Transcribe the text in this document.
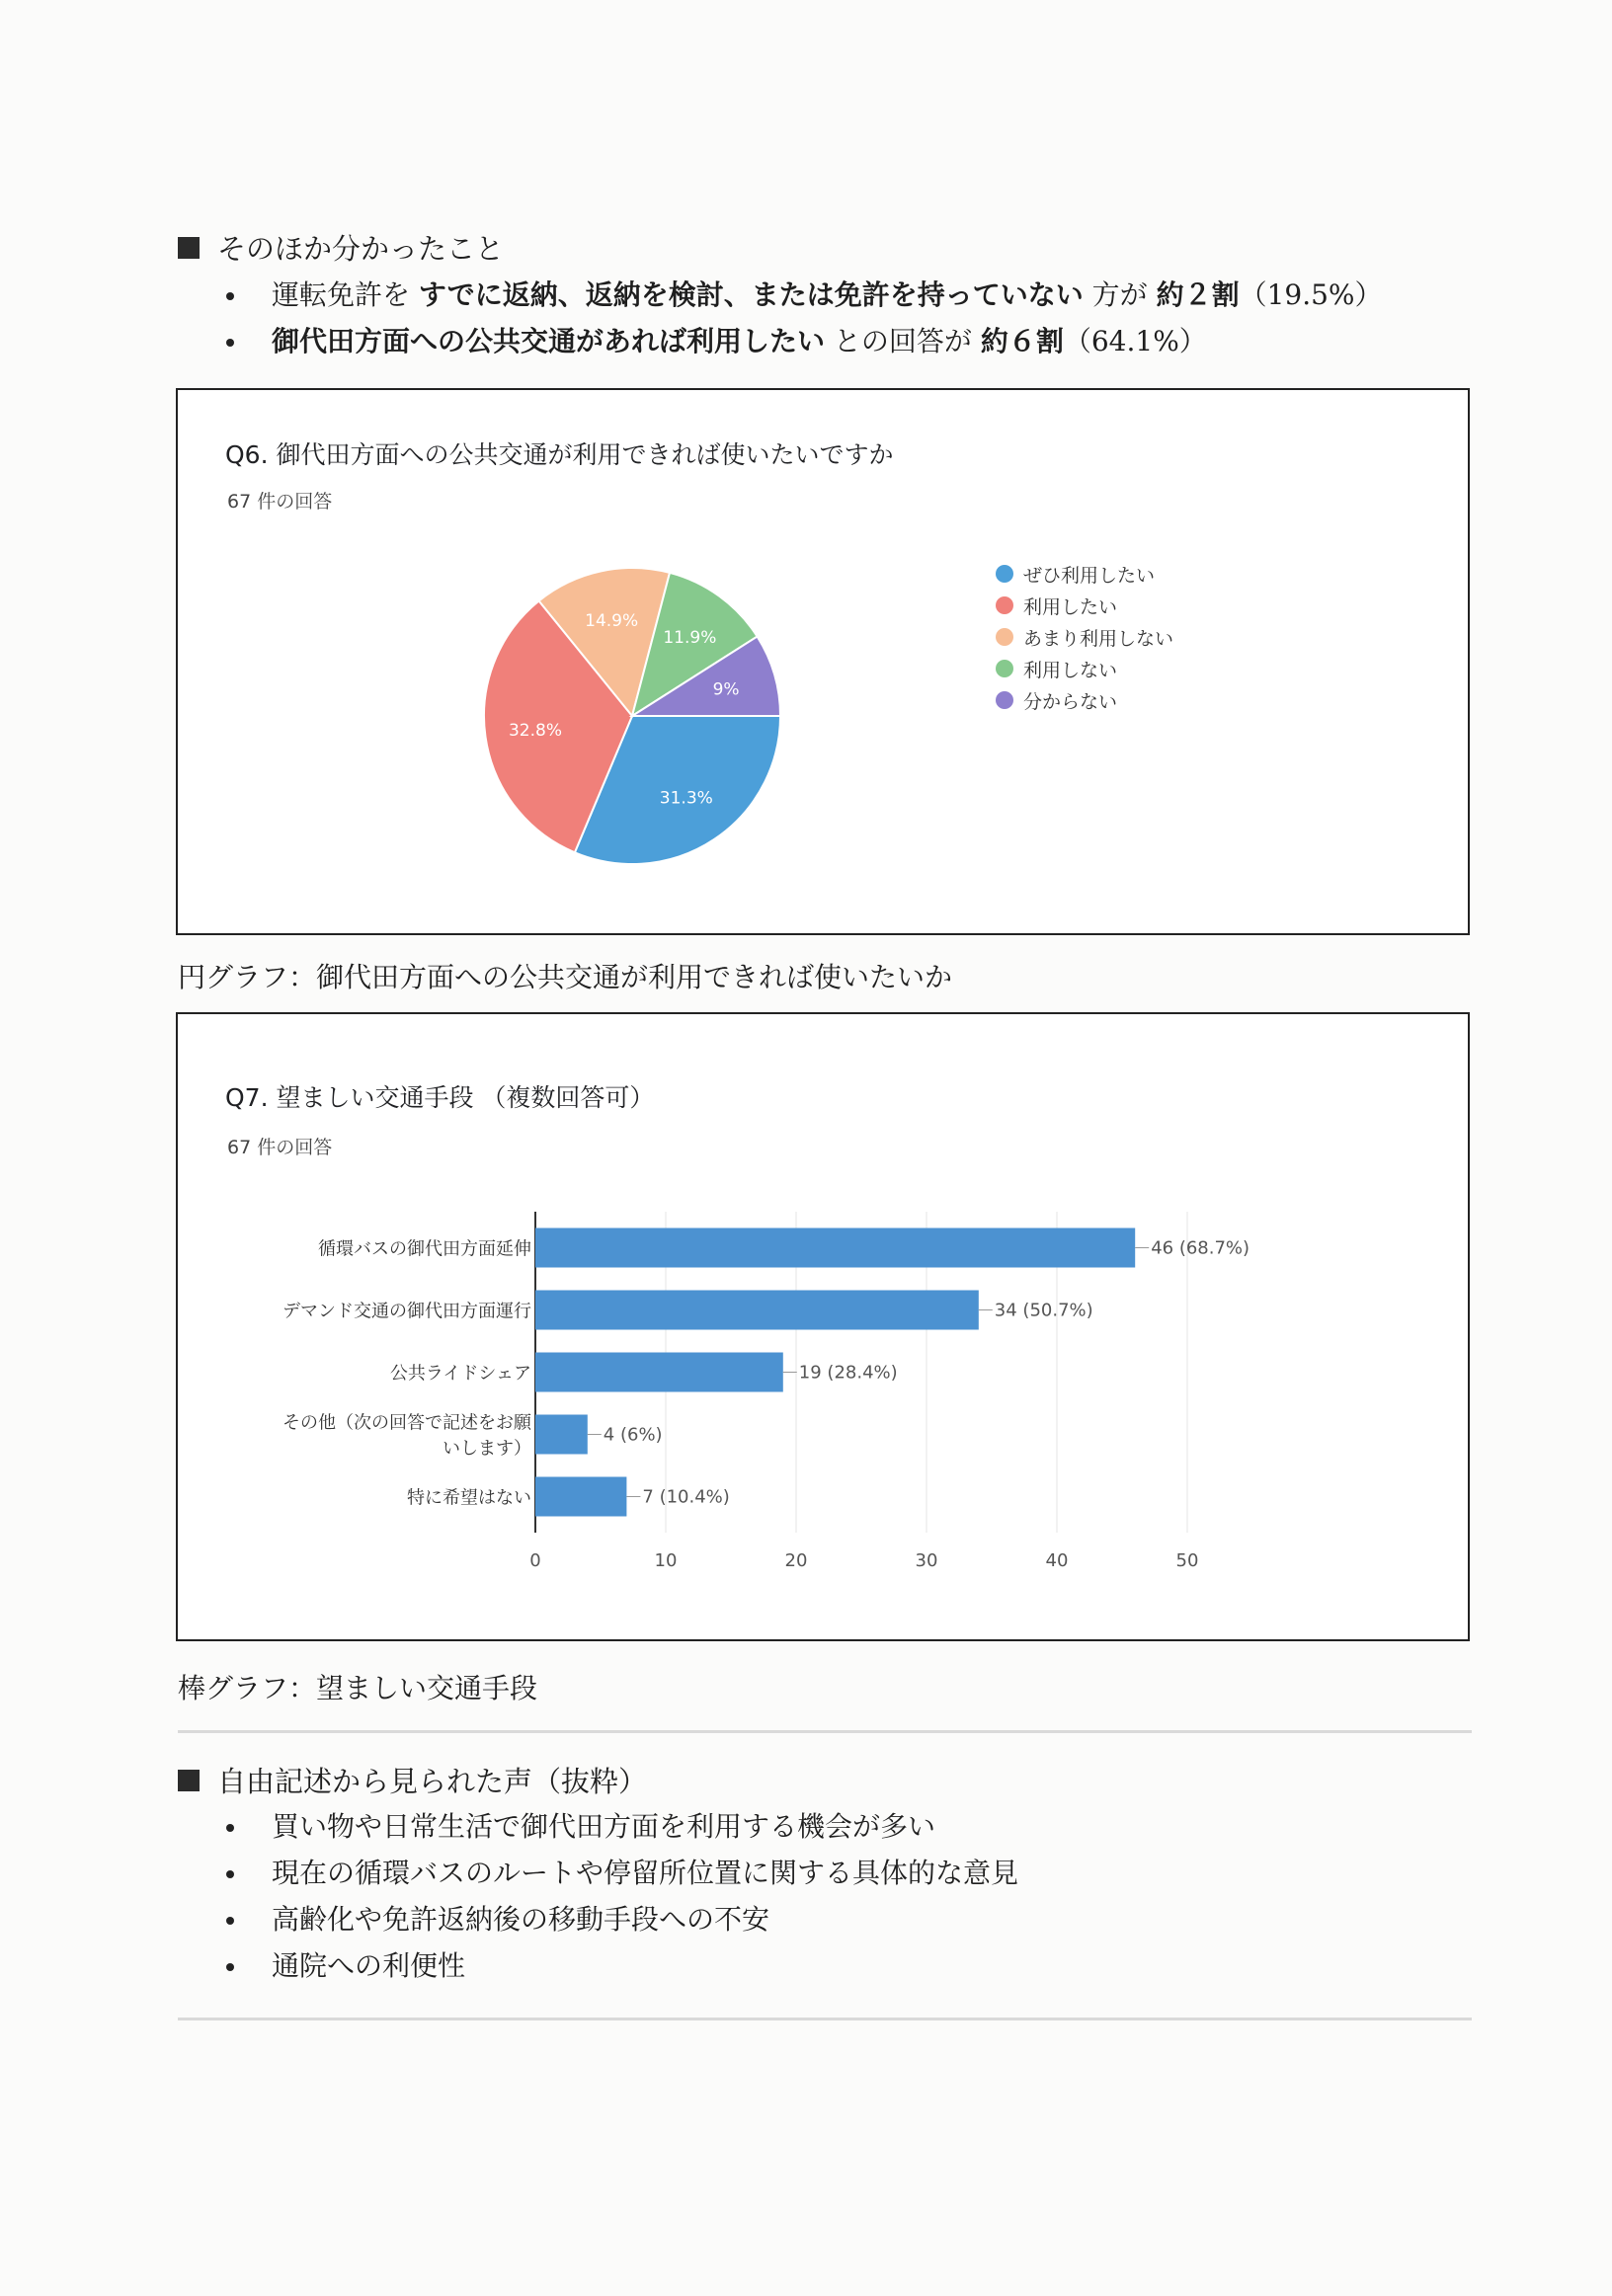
そのほか分かったこと
運転免許を すでに返納、返納を検討、または免許を持っていない 方が 約２割（19.5%）
御代田方面への公共交通があれば利用したい との回答が 約６割（64.1%）
Q6. 御代田方面への公共交通が利用できれば使いたいですか
67 件の回答
31.3%
32.8%
14.9%
11.9%
9%
ぜひ利用したい
利用したい
あまり利用しない
利用しない
分からない
円グラフ：御代田方面への公共交通が利用できれば使いたいか
Q7. 望ましい交通手段 （複数回答可）
67 件の回答
0	10	20	30	40	50
46 (68.7%)
循環バスの御代田方面延伸
34 (50.7%)
デマンド交通の御代田方面運行
19 (28.4%)
公共ライドシェア
4 (6%)
その他（次の回答で記述をお願
いします）
7 (10.4%)
特に希望はない
棒グラフ：望ましい交通手段
自由記述から見られた声（抜粋）
買い物や日常生活で御代田方面を利用する機会が多い
現在の循環バスのルートや停留所位置に関する具体的な意見
高齢化や免許返納後の移動手段への不安
通院への利便性
